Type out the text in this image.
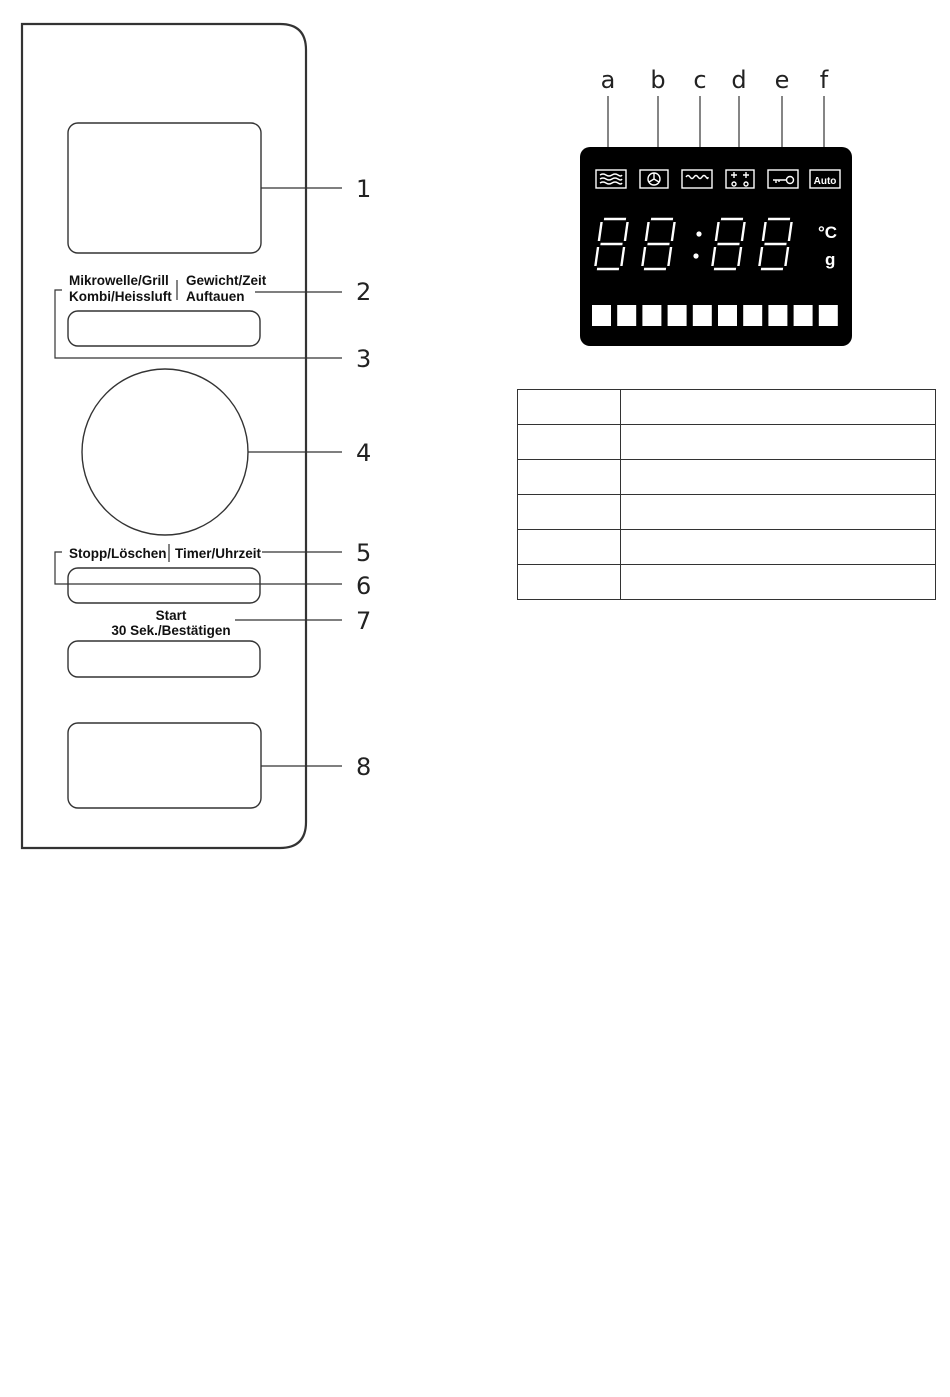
1
Mikrowelle/Grill
Kombi/Heissluft
Gewicht/Zeit
Auftauen	2
3
4
Stopp/Löschen Timer/Uhrzeit	5
6
Start
30 Sek./Bestätigen	7
8
a b c d e f
Auto
°C
g
